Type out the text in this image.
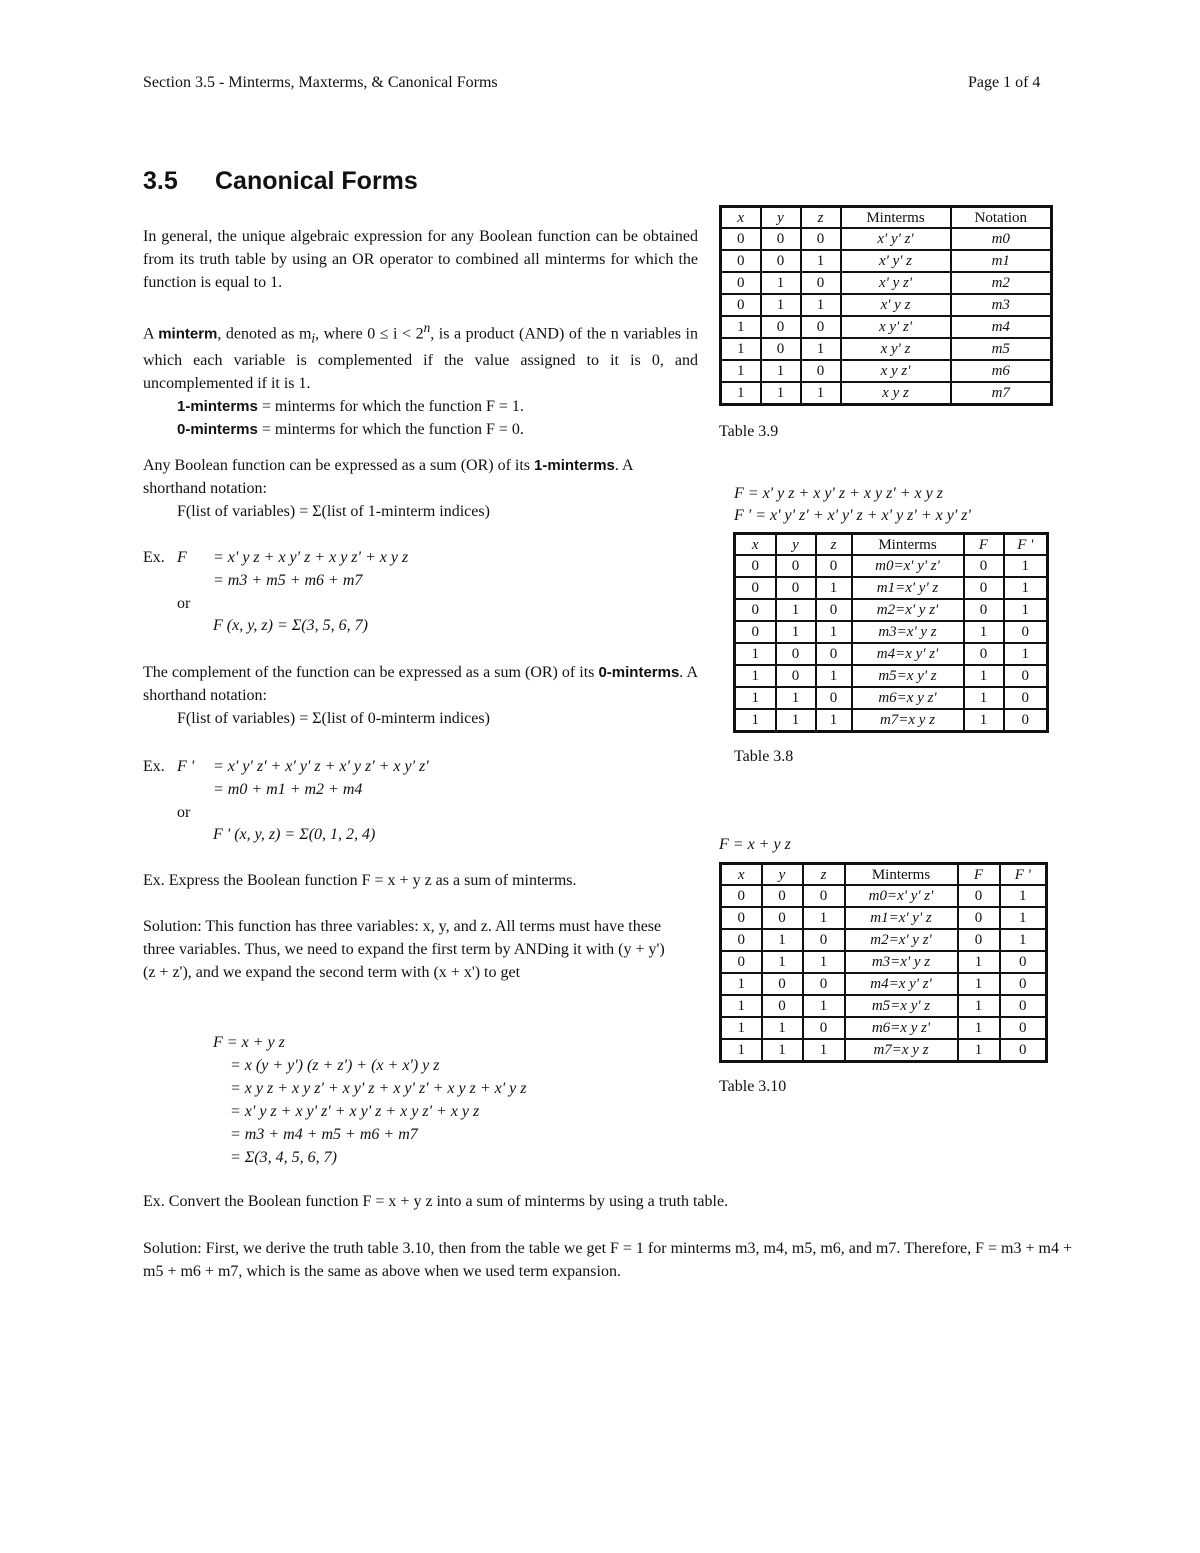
Section 3.5 - Minterms, Maxterms, & Canonical Forms	Page 1 of 4
3.5 Canonical Forms
In general, the unique algebraic expression for any Boolean function can be obtained from its truth table by using an OR operator to combined all minterms for which the function is equal to 1.

A minterm, denoted as $m_i$, where $0 \le i < 2^n$, is a product (AND) of the n variables in which each variable is complemented if the value assigned to it is 0, and uncomplemented if it is 1.

1-minterms = minterms for which the function F = 1.

0-minterms = minterms for which the function F = 0.

Any Boolean function can be expressed as a sum (OR) of its 1-minterms. A shorthand notation:

F(list of variables) = Σ(list of 1-minterm indices)

Ex. F	= x' y z + x y' z + x y z' + x y z
= m3 + m5 + m6 + m7
or
F (x, y, z) = Σ(3, 5, 6, 7)

The complement of the function can be expressed as a sum (OR) of its 0-minterms. A shorthand notation:

F(list of variables) = Σ(list of 0-minterm indices)

Ex. F '	= x' y' z' + x' y' z + x' y z' + x y' z'
= m0 + m1 + m2 + m4
or
F ' (x, y, z) = Σ(0, 1, 2, 4)
Ex. Express the Boolean function F = x + y z as a sum of minterms.
Solution: This function has three variables: x, y, and z. All terms must have these three variables. Thus, we need to expand the first term by ANDing it with (y + y')(z + z'), and we expand the second term with (x + x') to get
F = x + y z
= x (y + y') (z + z') + (x + x') y z
= x y z + x y z' + x y' z + x y' z' + x y z + x' y z
= x' y z + x y' z' + x y' z + x y z' + x y z
= m3 + m4 + m5 + m6 + m7
= Σ(3, 4, 5, 6, 7)

Ex. Convert the Boolean function F = x + y z into a sum of minterms by using a truth table.

Solution: First, we derive the truth table 3.10, then from the table we get F = 1 for minterms m3, m4, m5, m6, and m7. Therefore, F = m3 + m4 + m5 + m6 + m7, which is the same as above when we used term expansion.

x	y	z	Minterms	Notation
0	0	0	x' y' z'	m0
0	0	1	x' y' z	m1
0	1	0	x' y z'	m2
0	1	1	x' y z	m3
1	0	0	x y' z'	m4
1	0	1	x y' z	m5
1	1	0	x y z'	m6
1	1	1	x y z	m7
Table 3.9
F = x' y z + x y' z + x y z' + x y z
F ' = x' y' z' + x' y' z + x' y z' + x y' z'
x	y	z	Minterms	F	F '
0	0	0	m0=x' y' z'	0	1
0	0	1	m1=x' y' z	0	1
0	1	0	m2=x' y z'	0	1
0	1	1	m3=x' y z	1	0
1	0	0	m4=x y' z'	0	1
1	0	1	m5=x y' z	1	0
1	1	0	m6=x y z'	1	0
1	1	1	m7=x y z	1	0
Table 3.8
F = x + y z
x	y	z	Minterms	F	F '
0	0	0	m0=x' y' z'	0	1
0	0	1	m1=x' y' z	0	1
0	1	0	m2=x' y z'	0	1
0	1	1	m3=x' y z	1	0
1	0	0	m4=x y' z'	1	0
1	0	1	m5=x y' z	1	0
1	1	0	m6=x y z'	1	0
1	1	1	m7=x y z	1	0
Table 3.10
